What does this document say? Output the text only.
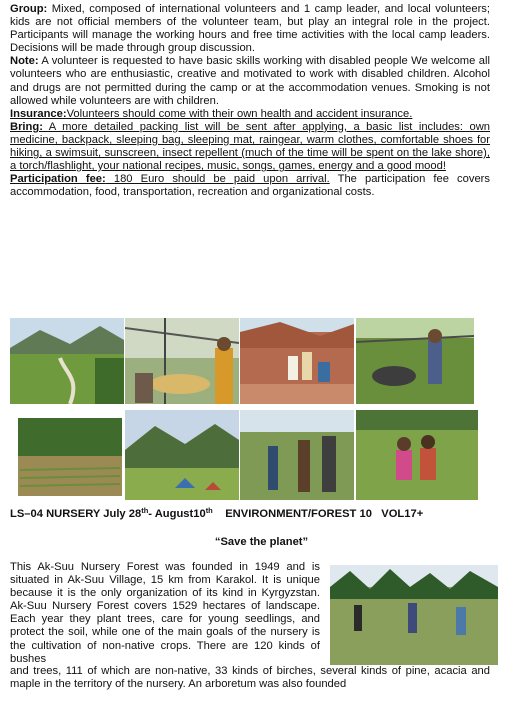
Group: Mixed, composed of international volunteers and 1 camp leader, and local volunteers; kids are not official members of the volunteer team, but play an integral role in the project. Participants will manage the working hours and free time activities with the local camp leaders. Decisions will be made through group discussion.
Note: A volunteer is requested to have basic skills working with disabled people We welcome all volunteers who are enthusiastic, creative and motivated to work with disabled children. Alcohol and drugs are not permitted during the camp or at the accommodation venues. Smoking is not allowed while volunteers are with children.
Insurance:Volunteers should come with their own health and accident insurance.
Bring: A more detailed packing list will be sent after applying, a basic list includes: own medicine, backpack, sleeping bag, sleeping mat, raingear, warm clothes, comfortable shoes for hiking, a swimsuit, sunscreen, insect repellent (much of the time will be spent on the lake shore), a torch/flashlight, your national recipes, music, songs, games, energy and a good mood!
Participation fee: 180 Euro should be paid upon arrival. The participation fee covers accommodation, food, transportation, recreation and organizational costs.
LS–04 NURSERY July 28th- August10th ENVIRONMENT/FOREST 10 VOL17+
“Save the planet”
This Ak-Suu Nursery Forest was founded in 1949 and is situated in Ak-Suu Village, 15 km from Karakol. It is unique because it is the only organization of its kind in Kyrgyzstan. Ak-Suu Nursery Forest covers 1529 hectares of landscape. Each year they plant trees, care for young seedlings, and protect the soil, while one of the main goals of the nursery is the cultivation of non-native crops. There are 120 kinds of bushes
and trees, 111 of which are non-native, 33 kinds of birches, several kinds of pine, acacia and maple in the territory of the nursery. An arboretum was also founded
